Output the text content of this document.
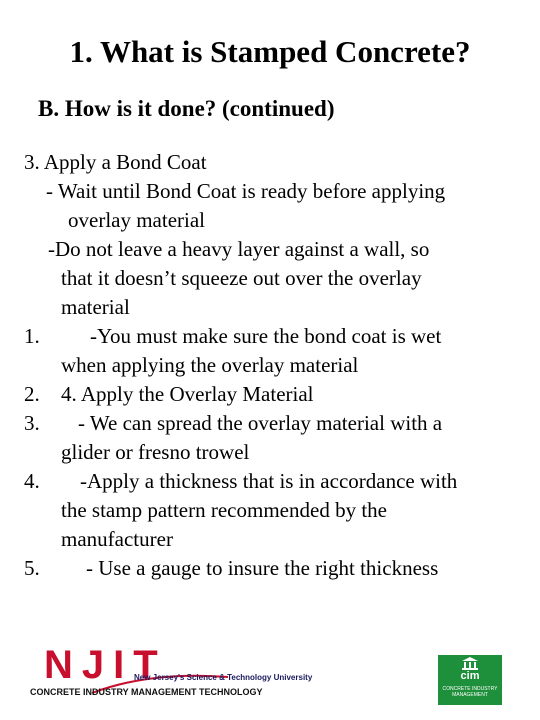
1. What is Stamped Concrete?
B. How is it done? (continued)
3. Apply a Bond Coat
- Wait until Bond Coat is ready before applying
overlay material
-Do not leave a heavy layer against a wall, so
that it doesn’t squeeze out over the overlay
material
1. -You must make sure the bond coat is wet
when applying the overlay material
2. 4. Apply the Overlay Material
3. - We can spread the overlay material with a
glider or fresno trowel
4. -Apply a thickness that is in accordance with
the stamp pattern recommended by the
manufacturer
5. - Use a gauge to insure the right thickness
NJIT
New Jersey's Science & Technology University
CONCRETE INDUSTRY MANAGEMENT TECHNOLOGY
cim
CONCRETE INDUSTRY MANAGEMENT
